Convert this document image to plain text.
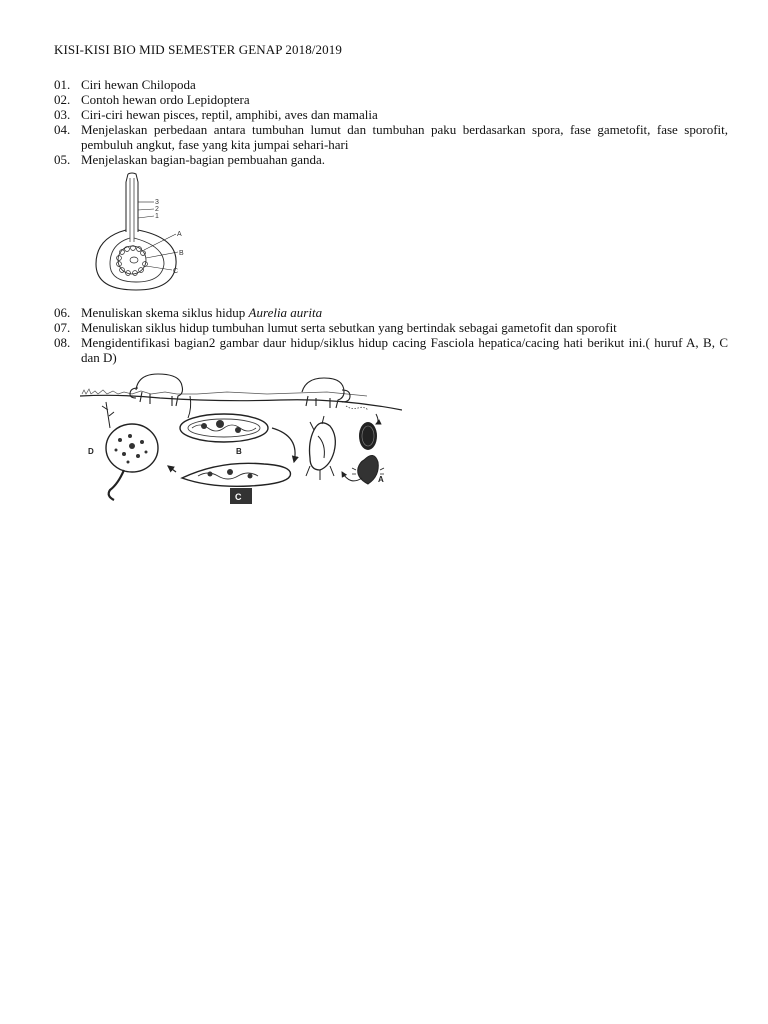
KISI-KISI BIO MID SEMESTER GENAP 2018/2019
01. Ciri hewan Chilopoda
02. Contoh hewan ordo Lepidoptera
03. Ciri-ciri hewan pisces, reptil, amphibi, aves dan mamalia
04. Menjelaskan perbedaan antara tumbuhan lumut dan tumbuhan paku berdasarkan spora, fase gametofit, fase sporofit, pembuluh angkut, fase yang kita jumpai sehari-hari
05. Menjelaskan bagian-bagian pembuahan ganda.
3
2
1
A
B
C
06. Menuliskan skema siklus hidup Aurelia aurita
07. Menuliskan siklus hidup tumbuhan lumut serta sebutkan yang bertindak sebagai gametofit dan sporofit
08. Mengidentifikasi bagian2 gambar daur hidup/siklus hidup cacing Fasciola hepatica/cacing hati berikut ini.( huruf A, B, C dan D)
D	B
C
A
